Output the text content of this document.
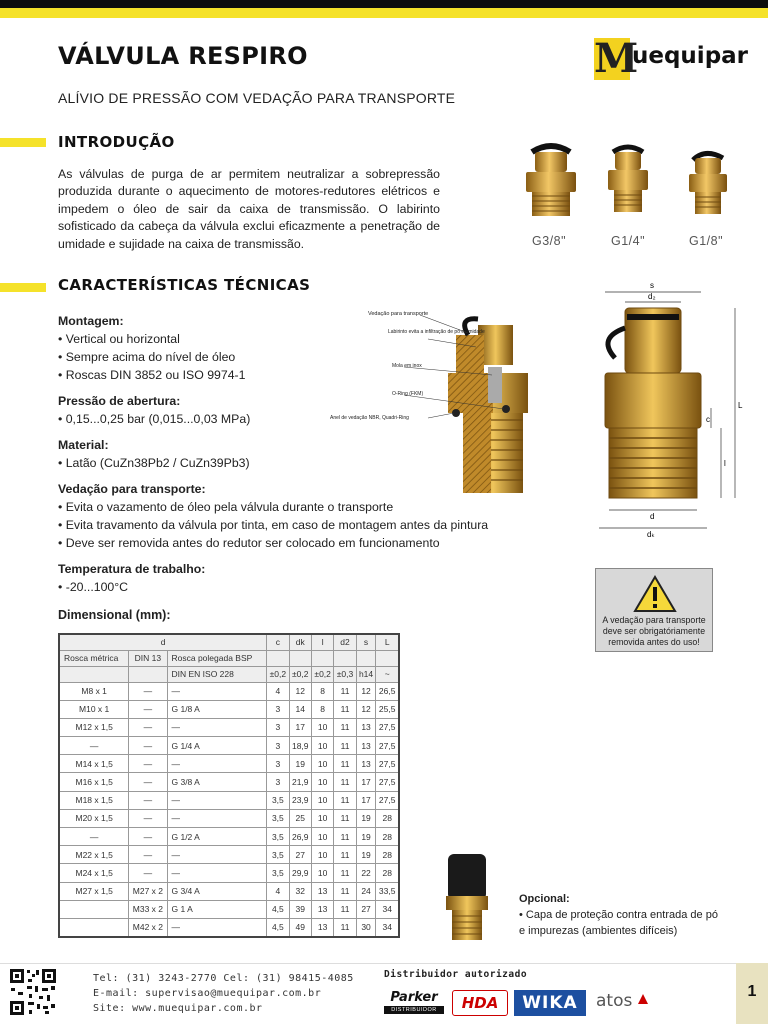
VÁLVULA RESPIRO
ALÍVIO DE PRESSÃO COM VEDAÇÃO PARA TRANSPORTE
M
uequipar
INTRODUÇÃO
As válvulas de purga de ar permitem neutralizar a sobrepressão produzida durante o aquecimento de motores-redutores elétricos e impedem o óleo de sair da caixa de transmissão. O labirinto sofisticado da cabeça da válvula exclui eficazmente a penetração de umidade e sujidade na caixa de transmissão.	G3/8"	G1/4"	G1/8"
CARACTERÍSTICAS TÉCNICAS
Montagem:
• Vertical ou horizontal
• Sempre acima do nível de óleo
• Roscas DIN 3852 ou ISO 9974-1
Pressão de abertura:
• 0,15...0,25 bar (0,015...0,03 MPa)
Material:
• Latão (CuZn38Pb2 / CuZn39Pb3)
Vedação para transporte:
• Evita o vazamento de óleo pela válvula durante o transporte
• Evita travamento da válvula por tinta, em caso de montagem antes da pintura
• Deve ser removida antes do redutor ser colocado em funcionamento
Temperatura de trabalho:
• -20...100°C
Vedação para transporte
Labirinto evita a infiltração de pó e umidade
Mola em inox
O-Ring (FKM)
Anel de vedação NBR, Quadri-Ring
s
d₂
c
l
L
d
dₖ
Dimensional (mm):
d			c	dk	l	d2	s	L
Rosca métrica	DIN 13	Rosca polegada BSP						
		DIN EN ISO 228	±0,2	±0,2	±0,2	±0,3	h14	~
M8 x 1	—	—	4	12	8	11	12	26,5
M10 x 1	—	G 1/8 A	3	14	8	11	12	25,5
M12 x 1,5	—	—	3	17	10	11	13	27,5
—	—	G 1/4 A	3	18,9	10	11	13	27,5
M14 x 1,5	—	—	3	19	10	11	13	27,5
M16 x 1,5	—	G 3/8 A	3	21,9	10	11	17	27,5
M18 x 1,5	—	—	3,5	23,9	10	11	17	27,5
M20 x 1,5	—	—	3,5	25	10	11	19	28
—	—	G 1/2 A	3,5	26,9	10	11	19	28
M22 x 1,5	—	—	3,5	27	10	11	19	28
M24 x 1,5	—	—	3,5	29,9	10	11	22	28
M27 x 1,5	M27 x 2	G 3/4 A	4	32	13	11	24	33,5
	M33 x 2	G 1 A	4,5	39	13	11	27	34
	M42 x 2	—	4,5	49	13	11	30	34
A vedação para transporte deve ser obrigatóriamente removida antes do uso!
Opcional:
• Capa de proteção contra entrada de pó e impurezas (ambientes difíceis)
Tel: (31) 3243-2770 Cel: (31) 98415-4085
E-mail: supervisao@muequipar.com.br
Site: www.muequipar.com.br
Distribuidor autorizado
Parker
DISTRIBUIDOR	HDA	WIKA	atos	1
